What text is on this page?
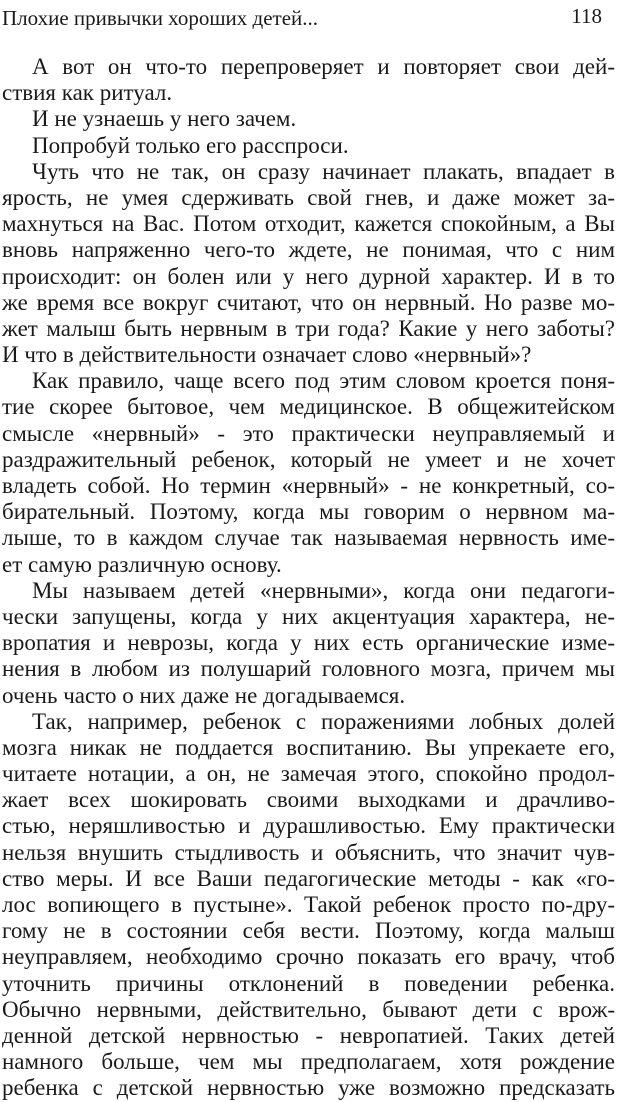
Плохие привычки хороших детей...	118
А вот он что-то перепроверяет и повторяет свои дей-
ствия как ритуал.
И не узнаешь у него зачем.
Попробуй только его расспроси.
Чуть что не так, он сразу начинает плакать, впадает в
ярость, не умея сдерживать свой гнев, и даже может за-
махнуться на Вас. Потом отходит, кажется спокойным, а Вы
вновь напряженно чего-то ждете, не понимая, что с ним
происходит: он болен или у него дурной характер. И в то
же время все вокруг считают, что он нервный. Но разве мо-
жет малыш быть нервным в три года? Какие у него заботы?
И что в действительности означает слово «нервный»?
Как правило, чаще всего под этим словом кроется поня-
тие скорее бытовое, чем медицинское. В общежитейском
смысле «нервный» - это практически неуправляемый и
раздражительный ребенок, который не умеет и не хочет
владеть собой. Но термин «нервный» - не конкретный, со-
бирательный. Поэтому, когда мы говорим о нервном ма-
лыше, то в каждом случае так называемая нервность име-
ет самую различную основу.
Мы называем детей «нервными», когда они педагоги-
чески запущены, когда у них акцентуация характера, не-
вропатия и неврозы, когда у них есть органические изме-
нения в любом из полушарий головного мозга, причем мы
очень часто о них даже не догадываемся.
Так, например, ребенок с поражениями лобных долей
мозга никак не поддается воспитанию. Вы упрекаете его,
читаете нотации, а он, не замечая этого, спокойно продол-
жает всех шокировать своими выходками и драчливо-
стью, неряшливостью и дурашливостью. Ему практически
нельзя внушить стыдливость и объяснить, что значит чув-
ство меры. И все Ваши педагогические методы - как «го-
лос вопиющего в пустыне». Такой ребенок просто по-дру-
гому не в состоянии себя вести. Поэтому, когда малыш
неуправляем, необходимо срочно показать его врачу, чтоб
уточнить причины отклонений в поведении ребенка.
Обычно нервными, действительно, бывают дети с врож-
денной детской нервностью - невропатией. Таких детей
намного больше, чем мы предполагаем, хотя рождение
ребенка с детской нервностью уже возможно предсказать
